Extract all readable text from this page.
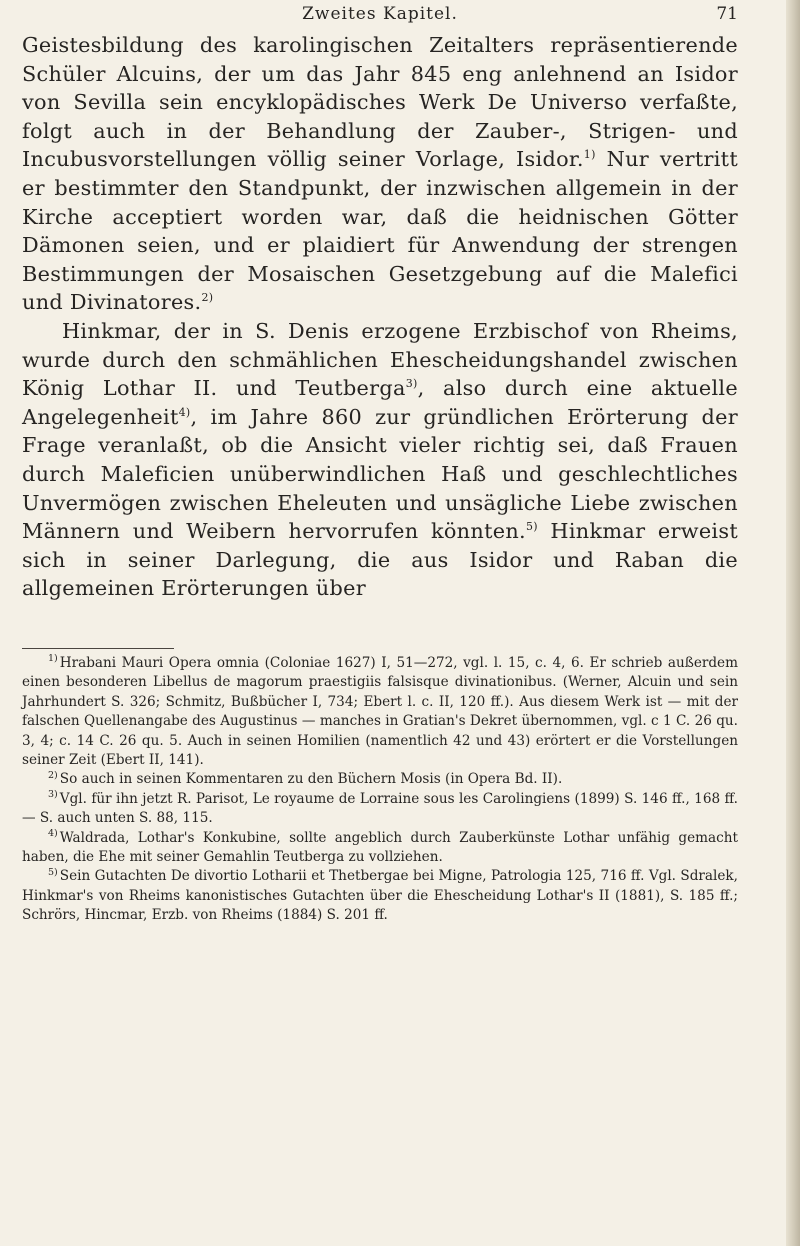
Zweites Kapitel.	71

Geistesbildung des karolingischen Zeitalters repräsentierende Schüler Alcuins, der um das Jahr 845 eng anlehnend an Isidor von Sevilla sein encyklopädisches Werk De Universo verfaßte, folgt auch in der Behandlung der Zauber-, Strigen- und Incubusvorstellungen völlig seiner Vorlage, Isidor.$^{1)}$ Nur vertritt er bestimmter den Standpunkt, der inzwischen allgemein in der Kirche acceptiert worden war, daß die heidnischen Götter Dämonen seien, und er plaidiert für Anwendung der strengen Bestimmungen der Mosaischen Gesetzgebung auf die Malefici und Divinatores.$^{2)}$

Hinkmar, der in S. Denis erzogene Erzbischof von Rheims, wurde durch den schmählichen Ehescheidungshandel zwischen König Lothar II. und Teutberga$^{3)}$, also durch eine aktuelle Angelegenheit$^{4)}$, im Jahre 860 zur gründlichen Erörterung der Frage veranlaßt, ob die Ansicht vieler richtig sei, daß Frauen durch Maleficien unüberwindlichen Haß und geschlechtliches Unvermögen zwischen Eheleuten und unsägliche Liebe zwischen Männern und Weibern hervorrufen könnten.$^{5)}$ Hinkmar erweist sich in seiner Darlegung, die aus Isidor und Raban die allgemeinen Erörterungen über

$^{1)}$ Hrabani Mauri Opera omnia (Coloniae 1627) I, 51—272, vgl. l. 15, c. 4, 6. Er schrieb außerdem einen besonderen Libellus de magorum praestigiis falsisque divinationibus. (Werner, Alcuin und sein Jahrhundert S. 326; Schmitz, Bußbücher I, 734; Ebert l. c. II, 120 ff.). Aus diesem Werk ist — mit der falschen Quellenangabe des Augustinus — manches in Gratian's Dekret übernommen, vgl. c 1 C. 26 qu. 3, 4; c. 14 C. 26 qu. 5. Auch in seinen Homilien (namentlich 42 und 43) erörtert er die Vorstellungen seiner Zeit (Ebert II, 141).

$^{2)}$ So auch in seinen Kommentaren zu den Büchern Mosis (in Opera Bd. II).

$^{3)}$ Vgl. für ihn jetzt R. Parisot, Le royaume de Lorraine sous les Carolingiens (1899) S. 146 ff., 168 ff. — S. auch unten S. 88, 115.

$^{4)}$ Waldrada, Lothar's Konkubine, sollte angeblich durch Zauberkünste Lothar unfähig gemacht haben, die Ehe mit seiner Gemahlin Teutberga zu vollziehen.

$^{5)}$ Sein Gutachten De divortio Lotharii et Thetbergae bei Migne, Patrologia 125, 716 ff. Vgl. Sdralek, Hinkmar's von Rheims kanonistisches Gutachten über die Ehescheidung Lothar's II (1881), S. 185 ff.; Schrörs, Hincmar, Erzb. von Rheims (1884) S. 201 ff.
